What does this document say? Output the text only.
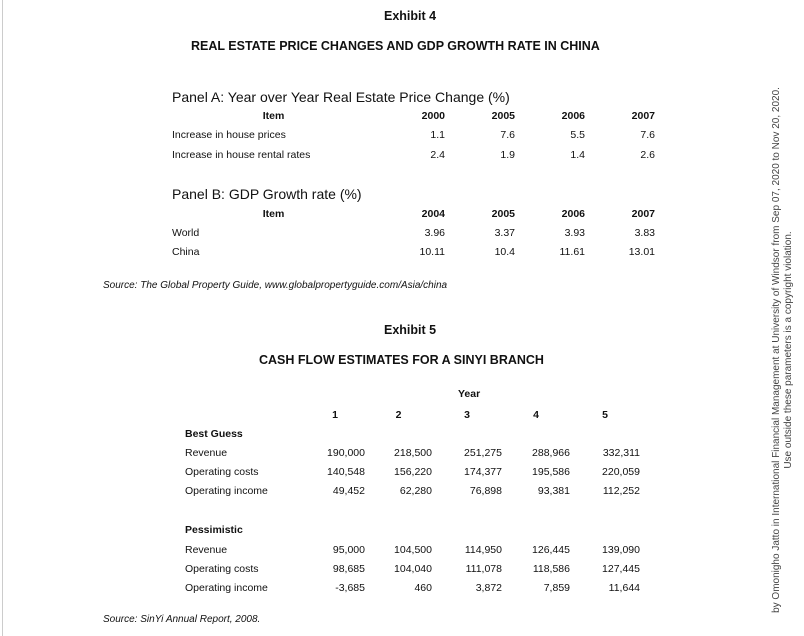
Exhibit 4
REAL ESTATE PRICE CHANGES AND GDP GROWTH RATE IN CHINA
Panel A: Year over Year Real Estate Price Change (%)
Item	2000	2005	2006	2007
Increase in house prices	1.1	7.6	5.5	7.6
Increase in house rental rates	2.4	1.9	1.4	2.6
Panel B: GDP Growth rate (%)
Item	2004	2005	2006	2007
World	3.96	3.37	3.93	3.83
China	10.11	10.4	11.61	13.01
Source: The Global Property Guide, www.globalpropertyguide.com/Asia/china
Exhibit 5
CASH FLOW ESTIMATES FOR A SINYI BRANCH
Year
1	2	3	4	5
Best Guess
Revenue	190,000	218,500	251,275	288,966	332,311
Operating costs	140,548	156,220	174,377	195,586	220,059
Operating income	49,452	62,280	76,898	93,381	112,252
Pessimistic
Revenue	95,000	104,500	114,950	126,445	139,090
Operating costs	98,685	104,040	111,078	118,586	127,445
Operating income	-3,685	460	3,872	7,859	11,644
Source: SinYi Annual Report, 2008.
by Omonigho Jatto in International Financial Management at University of Windsor from Sep 07, 2020 to Nov 20, 2020. Use outside these parameters is a copyright violation.
